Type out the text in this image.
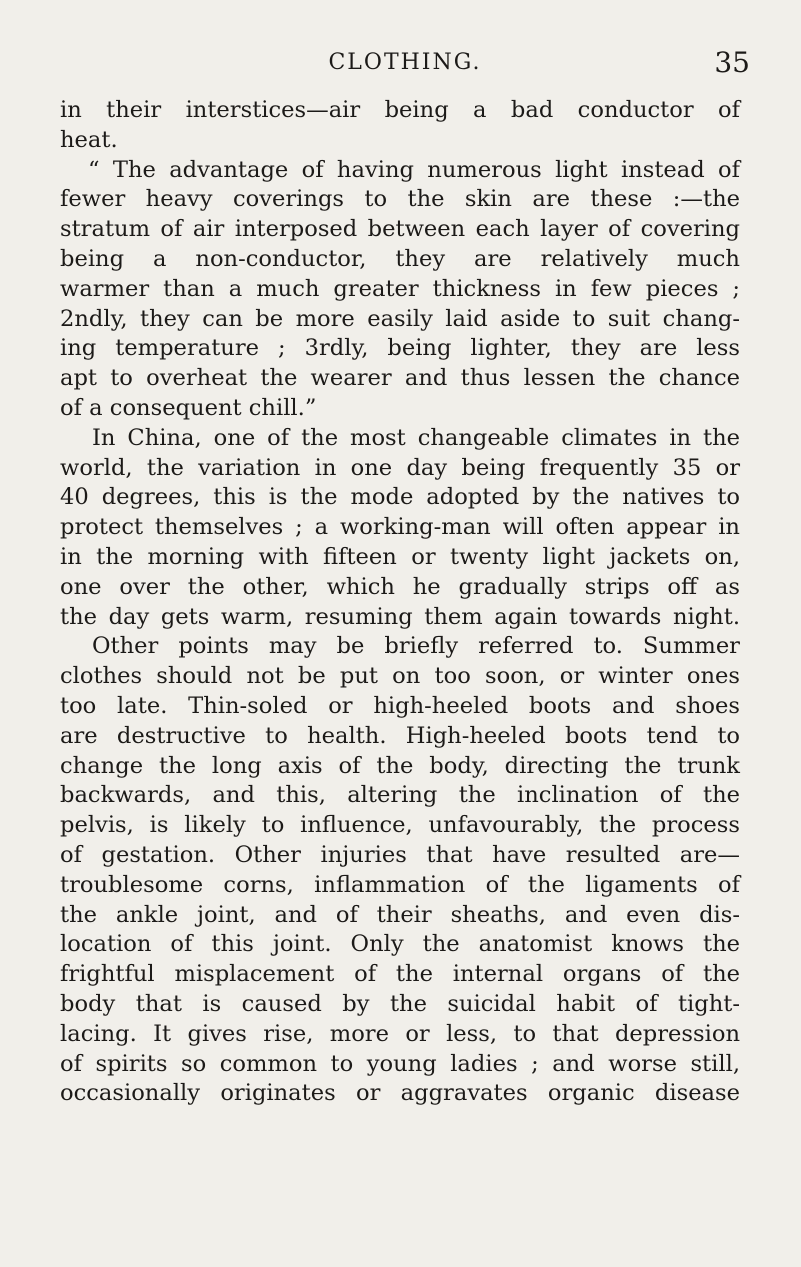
CLOTHING.	35
in their interstices—air being a bad conductor of
heat.
“ The advantage of having numerous light instead of
fewer heavy coverings to the skin are these :—the
stratum of air interposed between each layer of covering
being a non-conductor, they are relatively much
warmer than a much greater thickness in few pieces ;
2ndly, they can be more easily laid aside to suit chang-
ing temperature ; 3rdly, being lighter, they are less
apt to overheat the wearer and thus lessen the chance
of a consequent chill.”
In China, one of the most changeable climates in the
world, the variation in one day being frequently 35 or
40 degrees, this is the mode adopted by the natives to
protect themselves ; a working-man will often appear in
in the morning with fifteen or twenty light jackets on,
one over the other, which he gradually strips off as
the day gets warm, resuming them again towards night.
Other points may be briefly referred to. Summer
clothes should not be put on too soon, or winter ones
too late. Thin-soled or high-heeled boots and shoes
are destructive to health. High-heeled boots tend to
change the long axis of the body, directing the trunk
backwards, and this, altering the inclination of the
pelvis, is likely to influence, unfavourably, the process
of gestation. Other injuries that have resulted are—
troublesome corns, inflammation of the ligaments of
the ankle joint, and of their sheaths, and even dis-
location of this joint. Only the anatomist knows the
frightful misplacement of the internal organs of the
body that is caused by the suicidal habit of tight-
lacing. It gives rise, more or less, to that depression
of spirits so common to young ladies ; and worse still,
occasionally originates or aggravates organic disease
